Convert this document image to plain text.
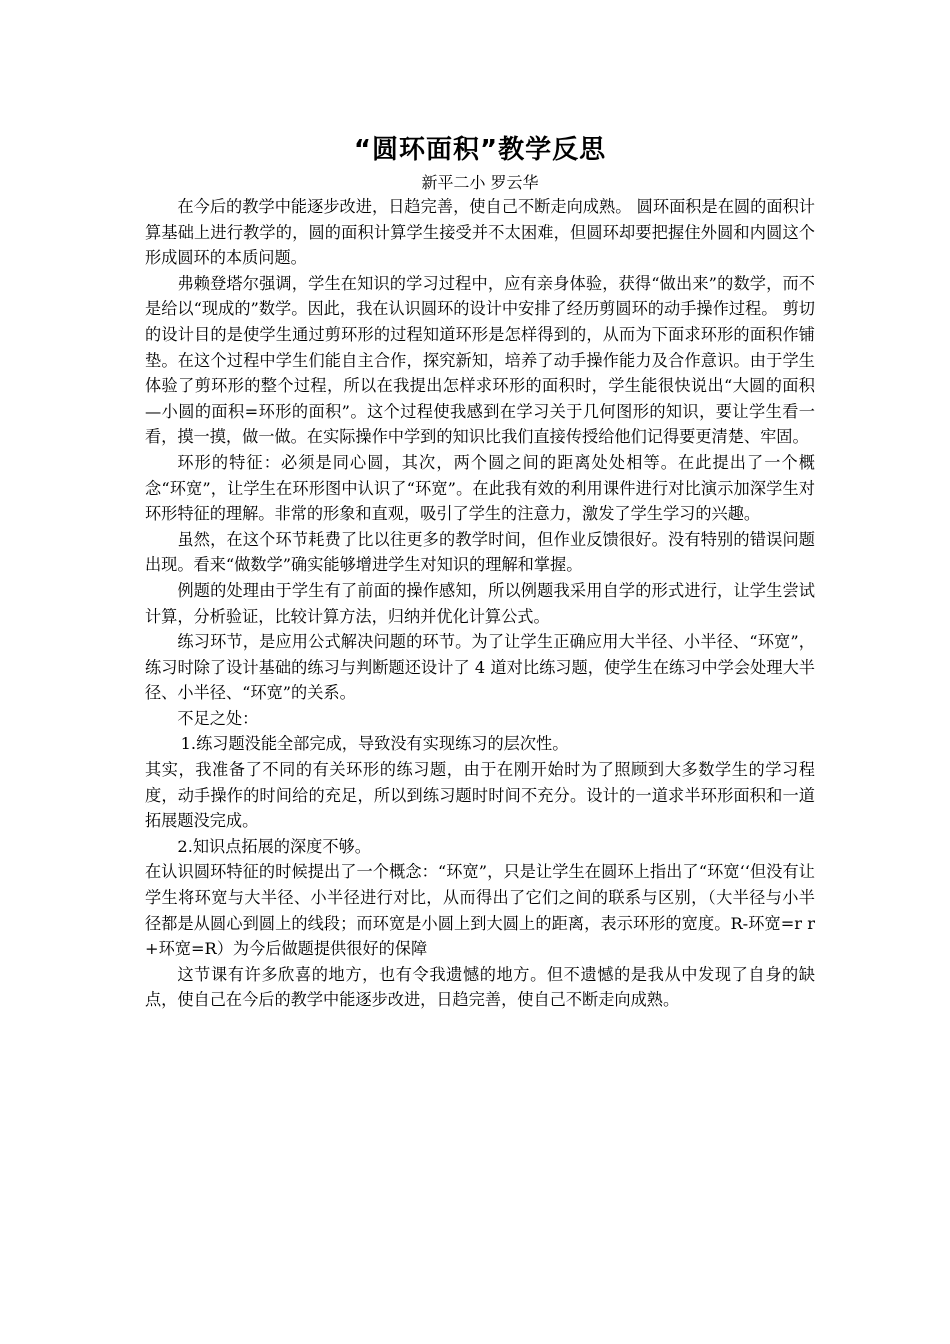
“圆环面积”教学反思

新平二小 罗云华

在今后的教学中能逐步改进，日趋完善，使自己不断走向成熟。 圆环面积是在圆的面积计算基础上进行教学的，圆的面积计算学生接受并不太困难，但圆环却要把握住外圆和内圆这个形成圆环的本质问题。

弗赖登塔尔强调，学生在知识的学习过程中，应有亲身体验，获得“做出来”的数学，而不是给以“现成的”数学。因此，我在认识圆环的设计中安排了经历剪圆环的动手操作过程。 剪切的设计目的是使学生通过剪环形的过程知道环形是怎样得到的，从而为下面求环形的面积作铺垫。在这个过程中学生们能自主合作，探究新知，培养了动手操作能力及合作意识。由于学生体验了剪环形的整个过程，所以在我提出怎样求环形的面积时，学生能很快说出“大圆的面积—小圆的面积=环形的面积”。这个过程使我感到在学习关于几何图形的知识，要让学生看一看，摸一摸，做一做。在实际操作中学到的知识比我们直接传授给他们记得要更清楚、牢固。

环形的特征：必须是同心圆，其次，两个圆之间的距离处处相等。在此提出了一个概念“环宽”，让学生在环形图中认识了“环宽”。在此我有效的利用课件进行对比演示加深学生对环形特征的理解。非常的形象和直观，吸引了学生的注意力，激发了学生学习的兴趣。

虽然，在这个环节耗费了比以往更多的教学时间，但作业反馈很好。没有特别的错误问题出现。看来“做数学”确实能够增进学生对知识的理解和掌握。

例题的处理由于学生有了前面的操作感知，所以例题我采用自学的形式进行，让学生尝试计算，分析验证，比较计算方法，归纳并优化计算公式。

练习环节，是应用公式解决问题的环节。为了让学生正确应用大半径、小半径、“环宽”，练习时除了设计基础的练习与判断题还设计了 4 道对比练习题，使学生在练习中学会处理大半径、小半径、“环宽”的关系。

不足之处：

1.练习题没能全部完成，导致没有实现练习的层次性。

其实，我准备了不同的有关环形的练习题，由于在刚开始时为了照顾到大多数学生的学习程度，动手操作的时间给的充足，所以到练习题时时间不充分。设计的一道求半环形面积和一道拓展题没完成。

2.知识点拓展的深度不够。

在认识圆环特征的时候提出了一个概念：“环宽”，只是让学生在圆环上指出了“环宽‘‘但没有让学生将环宽与大半径、小半径进行对比，从而得出了它们之间的联系与区别，（大半径与小半径都是从圆心到圆上的线段；而环宽是小圆上到大圆上的距离，表示环形的宽度。R-环宽=r r+环宽=R）为今后做题提供很好的保障

这节课有许多欣喜的地方，也有令我遗憾的地方。但不遗憾的是我从中发现了自身的缺点，使自己在今后的教学中能逐步改进，日趋完善，使自己不断走向成熟。
